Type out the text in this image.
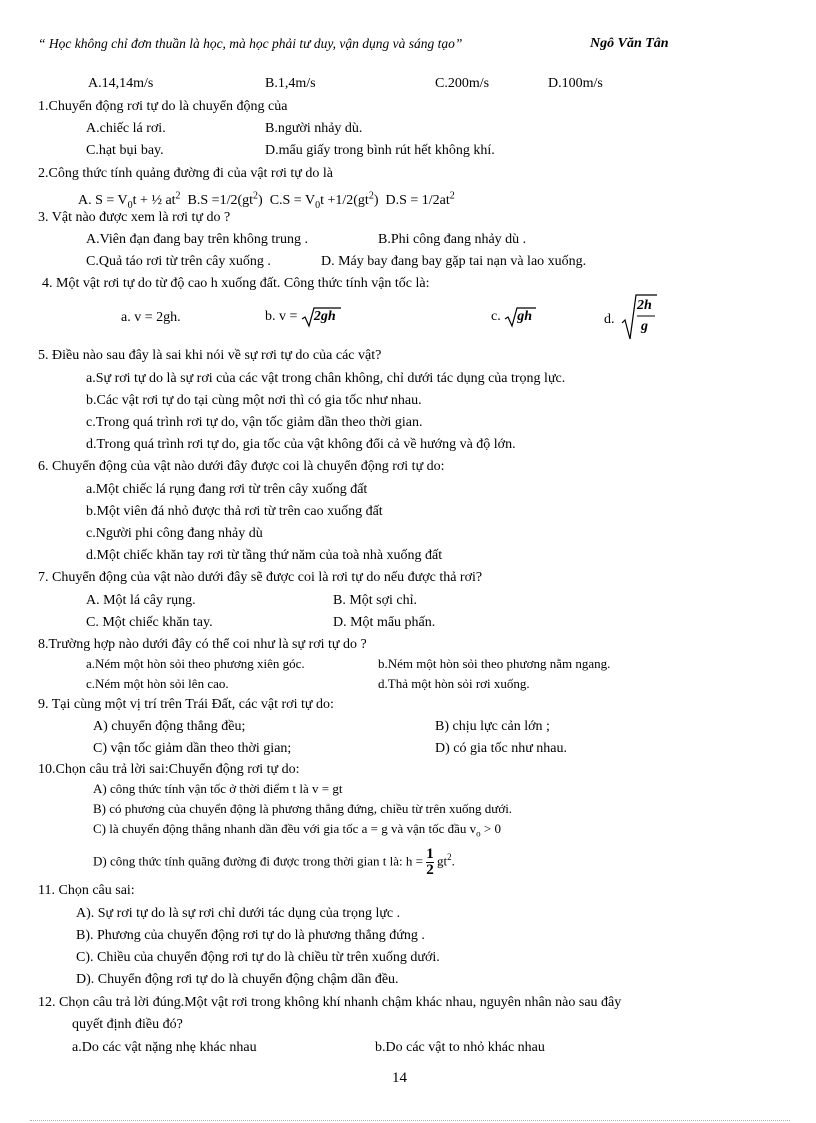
“ Học không chỉ đơn thuần là học, mà học phải tư duy, vận dụng và sáng tạo”	Ngô Văn Tân
A.14,14m/s	B.1,4m/s	C.200m/s	D.100m/s
1.Chuyển động rơi tự do là chuyển động của
A.chiếc lá rơi.	B.người nhảy dù.
C.hạt bụi bay.	D.mẩu giấy trong bình rút hết không khí.
2.Công thức tính quảng đường đi của vật rơi tự do là
A. $S = V_0t$ + ½ $at^2$ $B.S =1/2(gt^2) C.S = V_0t +1/2(gt^2) D.S = 1/2at^2$
3. Vật nào được xem là rơi tự do ?
A.Viên đạn đang bay trên không trung .	B.Phi công đang nhảy dù .
C.Quả táo rơi từ trên cây xuống .	D. Máy bay đang bay gặp tai nạn và lao xuống.
4. Một vật rơi tự do từ độ cao h xuống đất. Công thức tính vận tốc là:
a. v = 2gh.	b. v = 2gh	c. gh	d.
2h
g
5. Điều nào sau đây là sai khi nói về sự rơi tự do của các vật?
a.Sự rơi tự do là sự rơi của các vật trong chân không, chỉ dưới tác dụng của trọng lực.
b.Các vật rơi tự do tại cùng một nơi thì có gia tốc như nhau.
c.Trong quá trình rơi tự do, vận tốc giảm dần theo thời gian.
d.Trong quá trình rơi tự do, gia tốc của vật không đổi cả về hướng và độ lớn.
6. Chuyển động của vật nào dưới đây được coi là chuyển động rơi tự do:
a.Một chiếc lá rụng đang rơi từ trên cây xuống đất
b.Một viên đá nhỏ được thả rơi từ trên cao xuống đất
c.Người phi công đang nhảy dù
d.Một chiếc khăn tay rơi từ tầng thứ năm của toà nhà xuống đất
7. Chuyển động của vật nào dưới đây sẽ được coi là rơi tự do nếu được thả rơi?
A. Một lá cây rụng.	B. Một sợi chỉ.
C. Một chiếc khăn tay.	D. Một mẩu phấn.
8.Trường hợp nào dưới đây có thể coi như là sự rơi tự do ?
a.Ném một hòn sỏi theo phương xiên góc.	b.Ném một hòn sỏi theo phương nằm ngang.
c.Ném một hòn sỏi lên cao.	d.Thả một hòn sỏi rơi xuống.
9. Tại cùng một vị trí trên Trái Đất, các vật rơi tự do:
A) chuyển động thẳng đều;	B) chịu lực cản lớn ;
C) vận tốc giảm dần theo thời gian;	D) có gia tốc như nhau.
10.Chọn câu trả lời sai:Chuyển động rơi tự do:
A) công thức tính vận tốc ở thời điểm t là v = gt
B) có phương của chuyển động là phương thẳng đứng, chiều từ trên xuống dưới.
C) là chuyển động thẳng nhanh dần đều với gia tốc a = g và vận tốc đầu $v_o > 0$
D) công thức tính quãng đường đi được trong thời gian t là: $h = \frac{1}{2} gt^2$.
11. Chọn câu sai:
A). Sự rơi tự do là sự rơi chỉ dưới tác dụng của trọng lực .
B). Phương của chuyển động rơi tự do là phương thẳng đứng .
C). Chiều của chuyển động rơi tự do là chiều từ trên xuống dưới.
D). Chuyển động rơi tự do là chuyển động chậm dần đều.
12. Chọn câu trả lời đúng.Một vật rơi trong không khí nhanh chậm khác nhau, nguyên nhân nào sau đây
quyết định điều đó?
a.Do các vật nặng nhẹ khác nhau	b.Do các vật to nhỏ khác nhau
14
